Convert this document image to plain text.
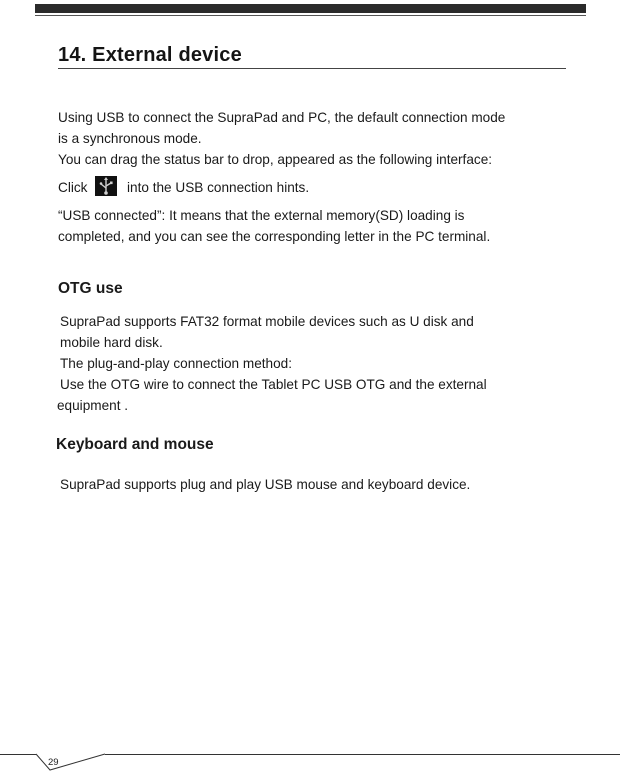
14. External device

Using USB to connect the SupraPad and PC, the default connection mode

is a synchronous mode.

You can drag the status bar to drop, appeared as the following interface:

Click	into the USB connection hints.

“USB connected”: It means that the external memory(SD) loading is

completed, and you can see the corresponding letter in the PC terminal.

OTG use

SupraPad supports FAT32 format mobile devices such as U disk and

mobile hard disk.

The plug-and-play connection method:

Use the OTG wire to connect the Tablet PC USB OTG and the external

equipment .

Keyboard and mouse

SupraPad supports plug and play USB mouse and keyboard device.

29
